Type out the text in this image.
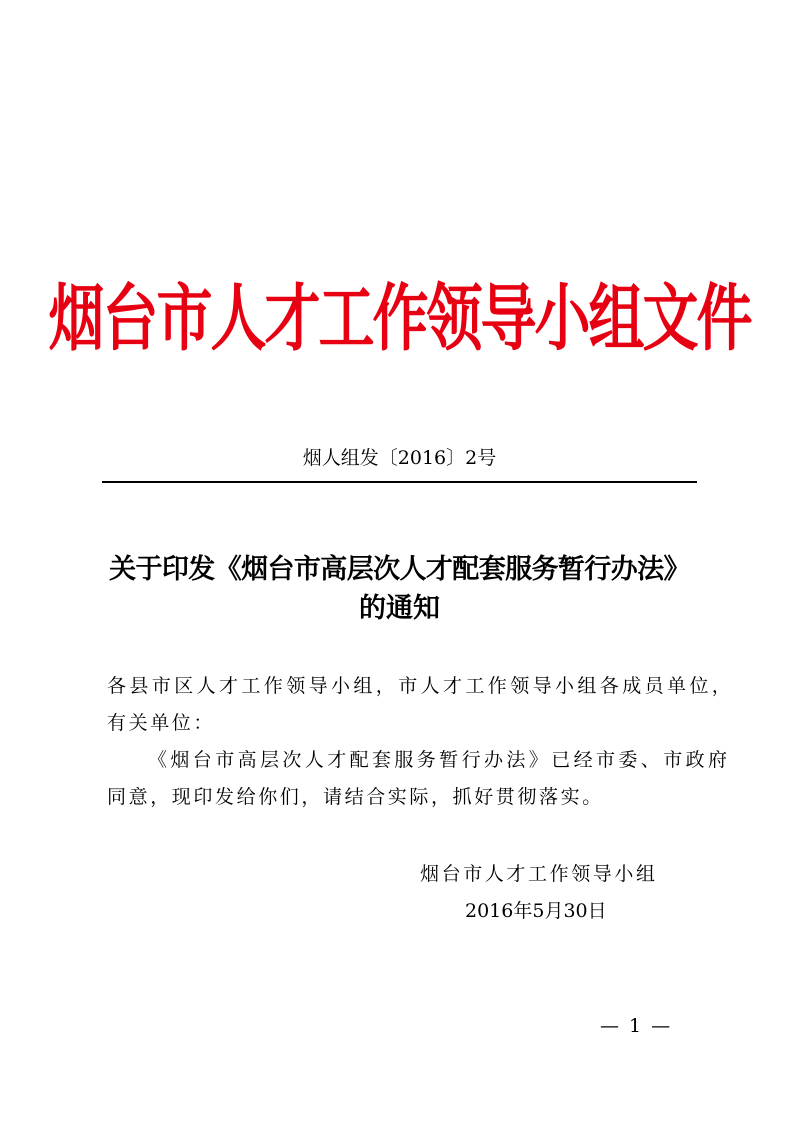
烟台市人才工作领导小组文件
烟人组发〔2016〕2号
关于印发《烟台市高层次人才配套服务暂行办法》
的通知
各县市区人才工作领导小组，市人才工作领导小组各成员单位，
有关单位：
《烟台市高层次人才配套服务暂行办法》已经市委、市政府
同意，现印发给你们，请结合实际，抓好贯彻落实。
烟台市人才工作领导小组
2016年5月30日
— 1 —
